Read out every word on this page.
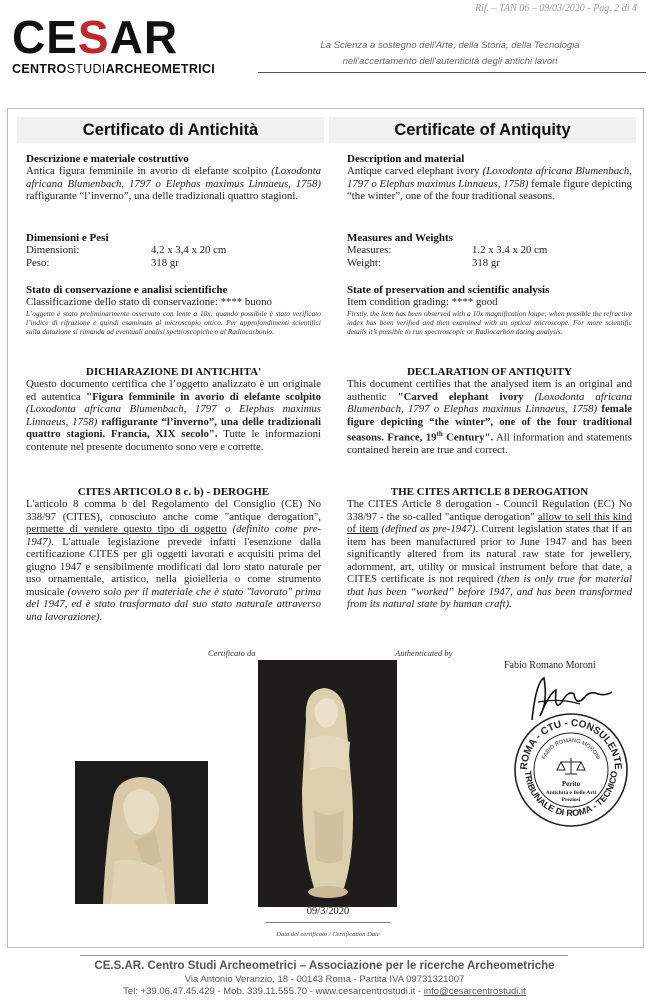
CESAR
CENTROSTUDIARCHEOMETRICI
Rif. – TAN 06 – 09/03/2020 - Pag. 2 di 4
La Scienza a sostegno dell'Arte, della Storia, della Tecnologia
nell'accertamento dell'autenticità degli antichi lavori
Certificato di Antichità	Certificate of Antiquity
Descrizione e materiale costruttivo

Antica figura femminile in avorio di elefante scolpito (Loxodonta africana Blumenbach, 1797 o Elephas maximus Linnaeus, 1758) raffigurante “l’inverno”, una delle tradizionali quattro stagioni.

Dimensioni e Pesi
Dimensioni:	4,2 x 3,4 x 20 cm
Peso:	318 gr
Stato di conservazione e analisi scientifiche

Classificazione dello stato di conservazione: **** buono

L’oggetto è stato preliminarmente osservato con lente a 10x; quando possibile è stato verificato l’indice di rifrazione e quindi esaminato al microscopio ottico. Per approfondimenti scientifici sulla datazione si rimanda ad eventuali analisi spettroscopiche o al Radiocarbonio.

DICHIARAZIONE DI ANTICHITA'

Questo documento certifica che l’oggetto analizzato è un originale ed autentica "Figura femminile in avorio di elefante scolpito (Loxodonta africana Blumenbach, 1797 o Elephas maximus Linnaeus, 1758) raffigurante “l’inverno”, una delle tradizionali quattro stagioni. Francia, XIX secolo". Tutte le informazioni contenute nel presente documento sono vere e corrette.

CITES ARTICOLO 8 c. b) - DEROGHE

L'articolo 8 comma b del Regolamento del Consiglio (CE) No 338/97 (CITES), conosciuto anche come "antique derogation", permette di vendere questo tipo di oggetto (definito come pre-1947). L'attuale legislazione prevede infatti l'esenzione dalla certificazione CITES per gli oggetti lavorati e acquisiti prima del giugno 1947 e sensibilmente modificati dal loro stato naturale per uso ornamentale, artistico, nella gioielleria o come strumento musicale (ovvero solo per il materiale che è stato "lavorato" prima del 1947, ed è stato trasformato dal suo stato naturale attraverso una lavorazione).

Description and material

Antique carved elephant ivory (Loxodonta africana Blumenbach, 1797 o Elephas maximus Linnaeus, 1758) female figure depicting “the winter”, one of the four traditional seasons.

Measures and Weights
Measures:	1.2 x 3.4 x 20 cm
Weight:	318 gr
State of preservation and scientific analysis

Item condition grading: **** good

Firstly, the item has been observed with a 10x magnification loupe; when possible the refractive index has been verified and then examined with an optical microscope. For more scientific details it’s possible to run spectroscopic or Radiocarbon dating analysis.

DECLARATION OF ANTIQUITY

This document certifies that the analysed item is an original and authentic "Carved elephant ivory (Loxodonta africana Blumenbach, 1797 o Elephas maximus Linnaeus, 1758) female figure depicting “the winter”, one of the four traditional seasons. France, 19th Century". All information and statements contained herein are true and correct.

THE CITES ARTICLE 8 DEROGATION

The CITES Article 8 derogation - Council Regulation (EC) No 338/97 - the so-called "antique derogation" allow to sell this kind of item (defined as pre-1947). Current legislation states that if an item has been manufactured prior to June 1947 and has been significantly altered from its natural raw state for jewellery, adornment, art, utility or musical instrument before that date, a CITES certificate is not required (then is only true for material that has been “worked” before 1947, and has been transformed from its natural state by human craft).

Certificato da	Authenticated by
Fabio Romano Moroni
09/3/2020
Data del certificato / Certification Date
ROMA - CTU - CONSULENTE
TRIBUNALE DI ROMA - TECNICO
FABIO ROMANO MORONI
Perito
Antichità e Belle Arti
Preziosi
CE.S.AR. Centro Studi Archeometrici – Associazione per le ricerche Archeometriche
Via Antonio Veranzio, 18 - 00143 Roma - Partita IVA 09731321007
Tel: +39.06.47.45.429 - Mob. 339.11.555.70 - www.cesarcentrostudi.it - info@cesarcentrostudi.it
